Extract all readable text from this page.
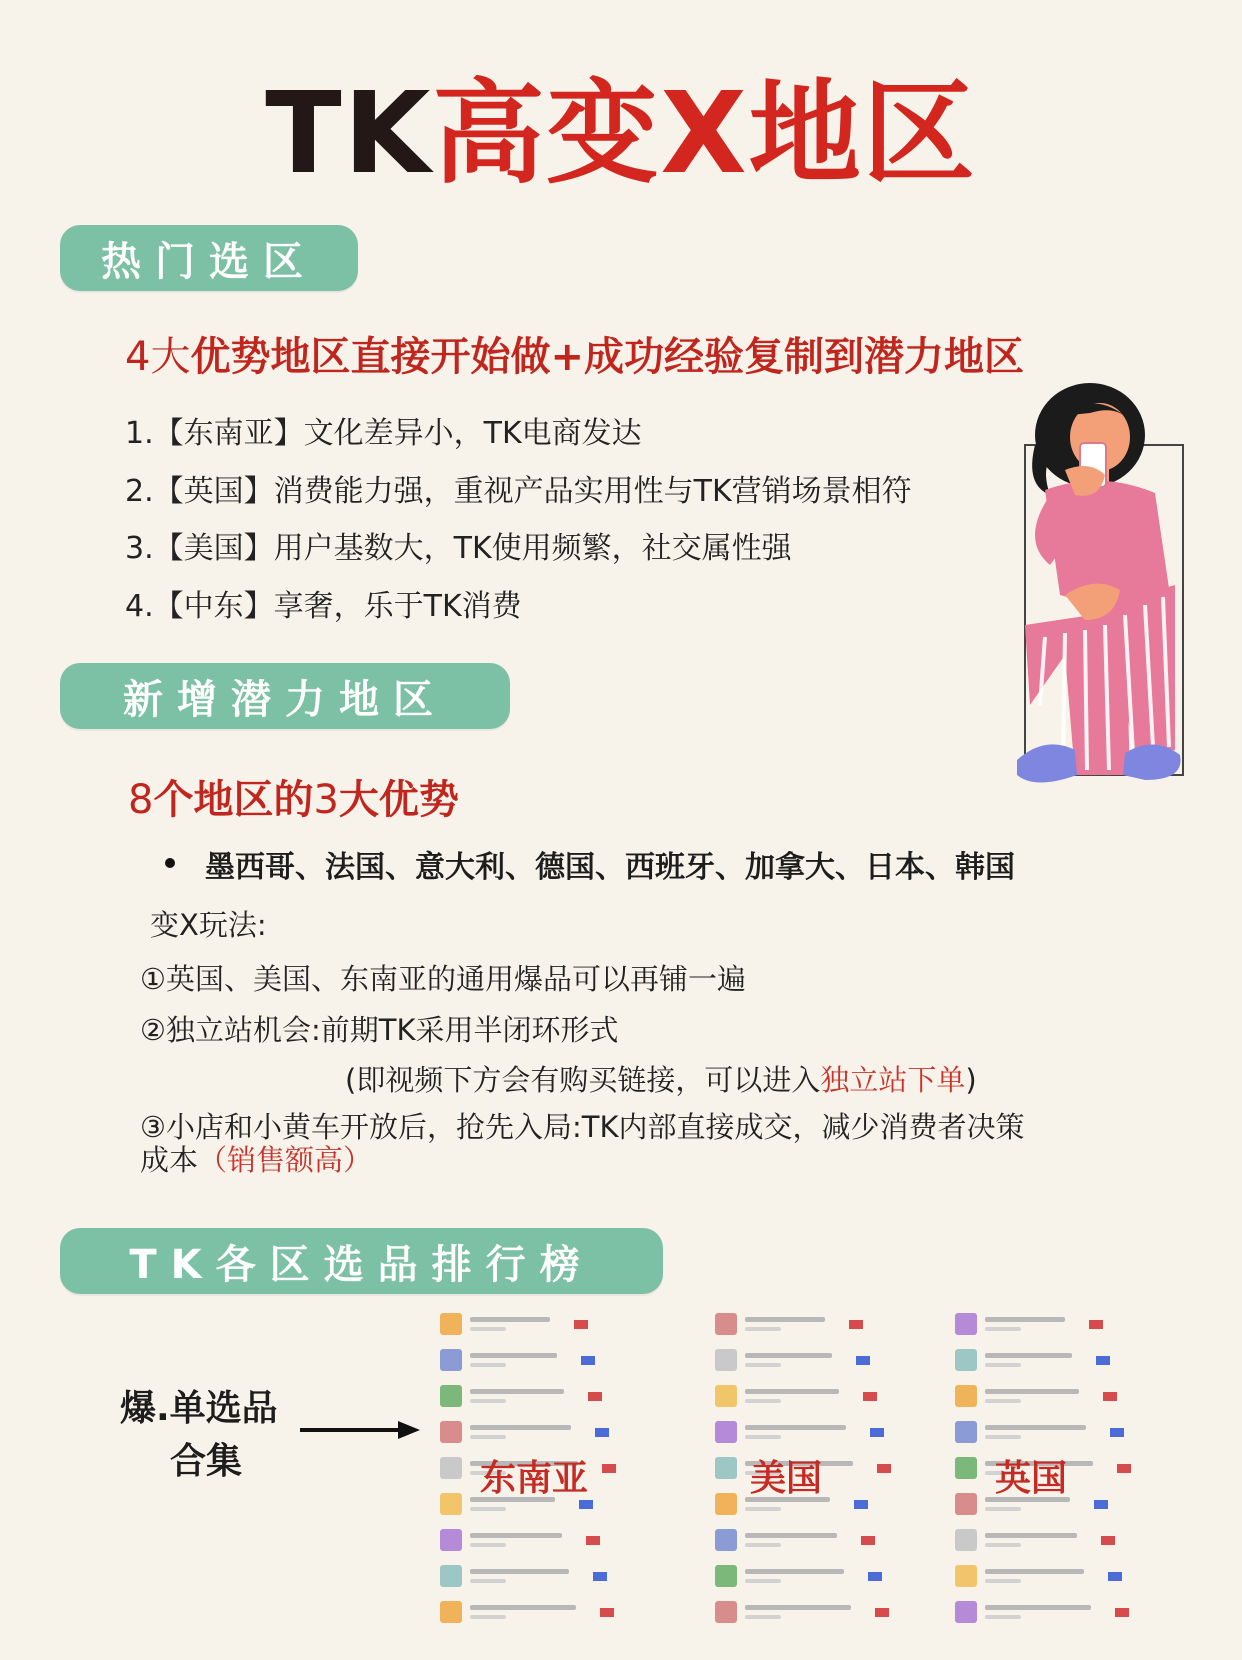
TK高变X地区
热门选区
4大优势地区直接开始做+成功经验复制到潜力地区
1.【东南亚】文化差异小，TK电商发达
2.【英国】消费能力强，重视产品实用性与TK营销场景相符
3.【美国】用户基数大，TK使用频繁，社交属性强
4.【中东】享奢，乐于TK消费
新增潜力地区
8个地区的3大优势
墨西哥、法国、意大利、德国、西班牙、加拿大、日本、韩国
变X玩法:
①英国、美国、东南亚的通用爆品可以再铺一遍
②独立站机会:前期TK采用半闭环形式
(即视频下方会有购买链接，可以进入独立站下单)
③小店和小黄车开放后，抢先入局:TK内部直接成交，减少消费者决策
成本（销售额高）
TK各区选品排行榜
爆.单选品
合集	东南亚	美国	英国
